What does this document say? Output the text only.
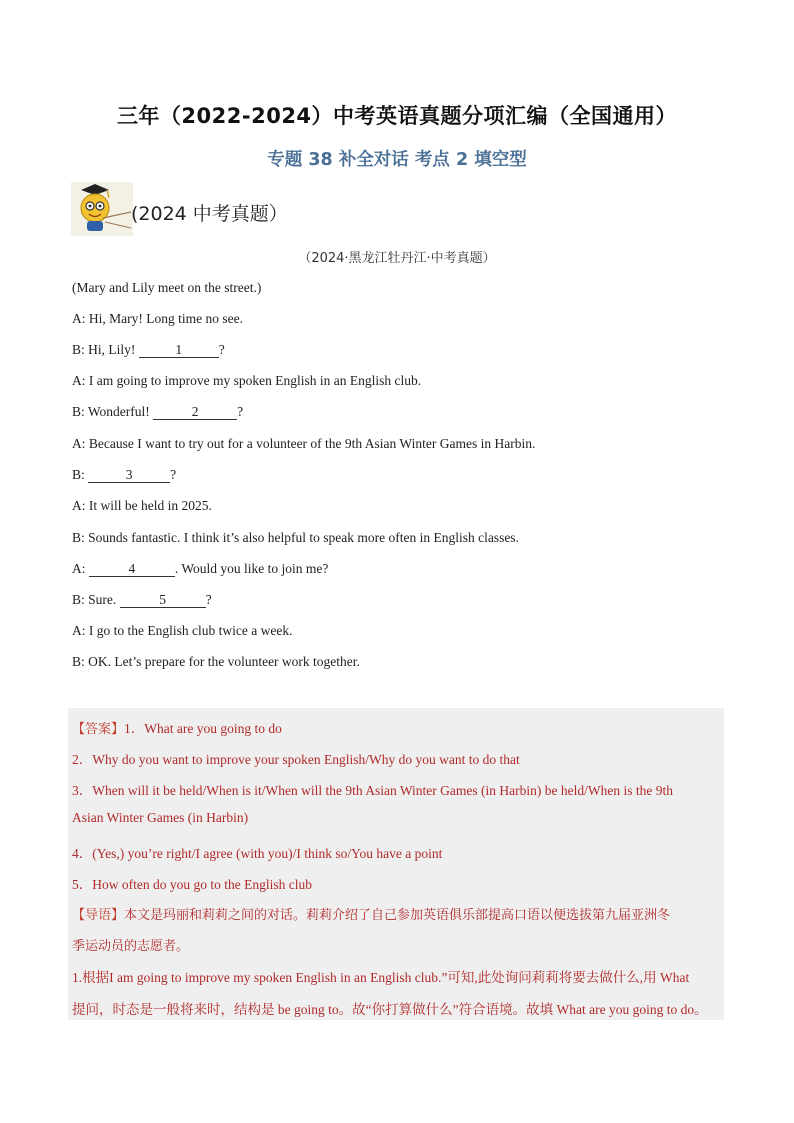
三年（2022-2024）中考英语真题分项汇编（全国通用）
专题 38 补全对话 考点 2 填空型
(2024 中考真题）
（2024·黑龙江牡丹江·中考真题）
(Mary and Lily meet on the street.)
A: Hi, Mary! Long time no see.
B: Hi, Lily!	1	?
A: I am going to improve my spoken English in an English club.
B: Wonderful!	2	?
A: Because I want to try out for a volunteer of the 9th Asian Winter Games in Harbin.
B:	3	?
A: It will be held in 2025.
B: Sounds fantastic. I think it’s also helpful to speak more often in English classes.
A:	4	. Would you like to join me?
B: Sure.	5	?
A: I go to the English club twice a week.
B: OK. Let’s prepare for the volunteer work together.
【答案】1．What are you going to do
2．Why do you want to improve your spoken English/Why do you want to do that
3．When will it be held/When is it/When will the 9th Asian Winter Games (in Harbin) be held/When is the 9th
Asian Winter Games (in Harbin)
4．(Yes,) you’re right/I agree (with you)/I think so/You have a point
5．How often do you go to the English club
【导语】本文是玛丽和莉莉之间的对话。莉莉介绍了自己参加英语俱乐部提高口语以便选拔第九届亚洲冬
季运动员的志愿者。
1.根据I am going to improve my spoken English in an English club.”可知,此处询问莉莉将要去做什么,用 What
提问，时态是一般将来时，结构是 be going to。故“你打算做什么”符合语境。故填 What are you going to do。
